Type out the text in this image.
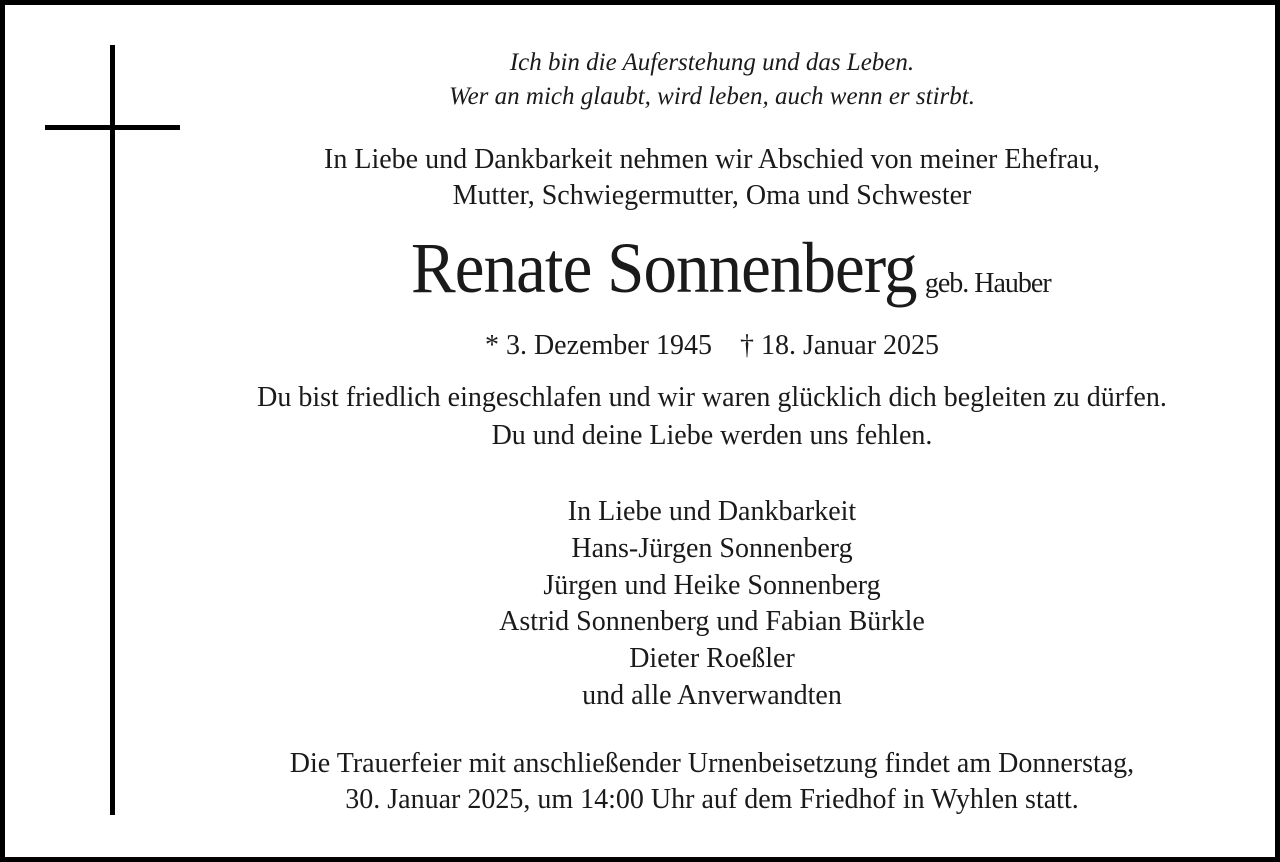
Ich bin die Auferstehung und das Leben.
Wer an mich glaubt, wird leben, auch wenn er stirbt.
In Liebe und Dankbarkeit nehmen wir Abschied von meiner Ehefrau,
Mutter, Schwiegermutter, Oma und Schwester
Renate Sonnenberg geb. Hauber
* 3. Dezember 1945 † 18. Januar 2025
Du bist friedlich eingeschlafen und wir waren glücklich dich begleiten zu dürfen.
Du und deine Liebe werden uns fehlen.
In Liebe und Dankbarkeit
Hans-Jürgen Sonnenberg
Jürgen und Heike Sonnenberg
Astrid Sonnenberg und Fabian Bürkle
Dieter Roeßler
und alle Anverwandten
Die Trauerfeier mit anschließender Urnenbeisetzung findet am Donnerstag,
30. Januar 2025, um 14:00 Uhr auf dem Friedhof in Wyhlen statt.
